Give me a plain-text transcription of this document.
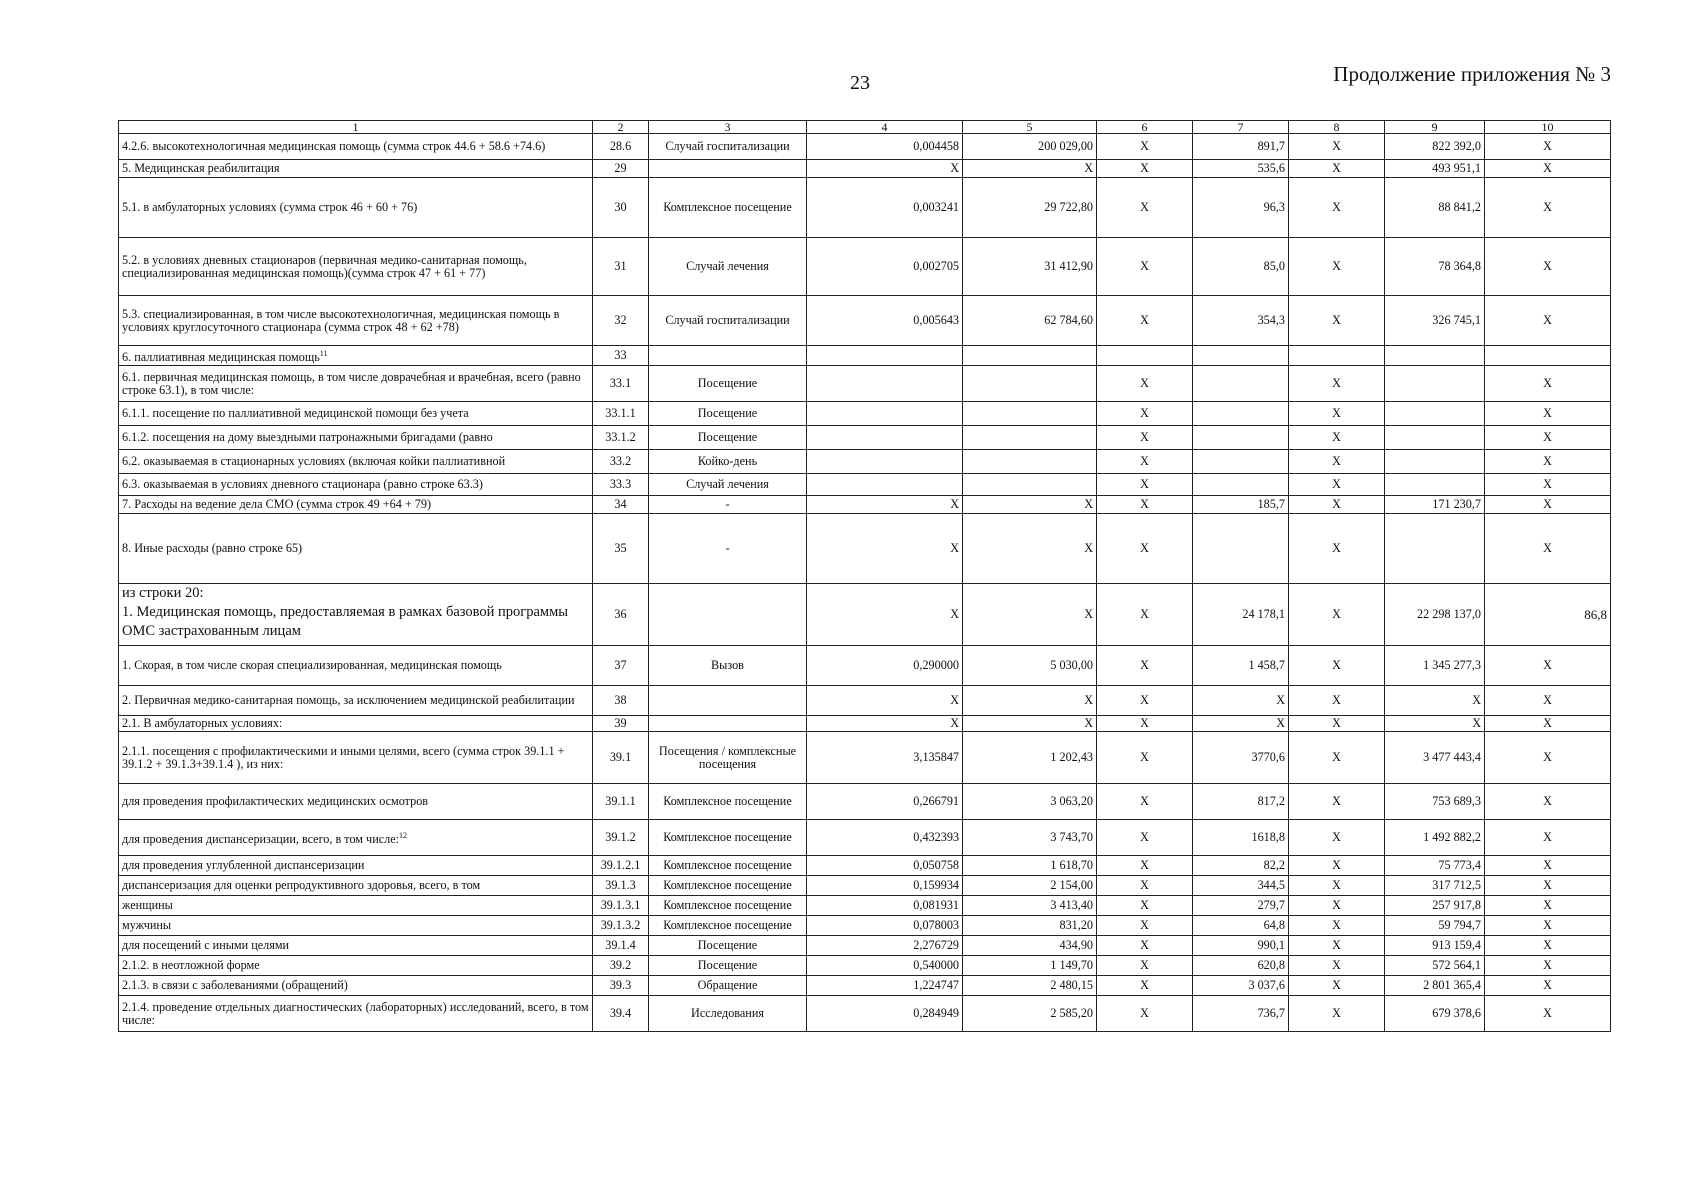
23	Продолжение приложения № 3
1	2	3	4	5	6	7	8	9	10
4.2.6. высокотехнологичная медицинская помощь (сумма строк 44.6 + 58.6 +74.6)	28.6	Случай госпитализации	0,004458	200 029,00	Х	891,7	Х	822 392,0	Х
5. Медицинская реабилитация	29		Х	Х	Х	535,6	Х	493 951,1	Х
5.1. в амбулаторных условиях (сумма строк 46 + 60 + 76)	30	Комплексное посещение	0,003241	29 722,80	Х	96,3	Х	88 841,2	Х
5.2. в условиях дневных стационаров (первичная медико-санитарная помощь, специализированная медицинская помощь)(сумма строк 47 + 61 + 77)	31	Случай лечения	0,002705	31 412,90	Х	85,0	Х	78 364,8	Х
5.3. специализированная, в том числе высокотехнологичная, медицинская помощь в условиях круглосуточного стационара (сумма строк 48 + 62 +78)	32	Случай госпитализации	0,005643	62 784,60	Х	354,3	Х	326 745,1	Х
6. паллиативная медицинская помощь$^{11}$	33								
6.1. первичная медицинская помощь, в том числе доврачебная и врачебная, всего (равно строке 63.1), в том числе:	33.1	Посещение			Х		Х		Х
6.1.1. посещение по паллиативной медицинской помощи без учета	33.1.1	Посещение			Х		Х		Х
6.1.2. посещения на дому выездными патронажными бригадами (равно	33.1.2	Посещение			Х		Х		Х
6.2. оказываемая в стационарных условиях (включая койки паллиативной	33.2	Койко-день			Х		Х		Х
6.3. оказываемая в условиях дневного стационара (равно строке 63.3)	33.3	Случай лечения			Х		Х		Х
7. Расходы на ведение дела СМО (сумма строк 49 +64 + 79)	34	-	Х	Х	Х	185,7	Х	171 230,7	Х
8. Иные расходы (равно строке 65)	35	-	Х	Х	Х		Х		Х
из строки 20:
1. Медицинская помощь, предоставляемая в рамках базовой программы ОМС застрахованным лицам	36		Х	Х	Х	24 178,1	Х	22 298 137,0	86,8
1. Скорая, в том числе скорая специализированная, медицинская помощь	37	Вызов	0,290000	5 030,00	Х	1 458,7	Х	1 345 277,3	Х
2. Первичная медико-санитарная помощь, за исключением медицинской реабилитации	38		Х	Х	Х	Х	Х	Х	Х
2.1. В амбулаторных условиях:	39		Х	Х	Х	Х	Х	Х	Х
2.1.1. посещения с профилактическими и иными целями, всего (сумма строк 39.1.1 + 39.1.2 + 39.1.3+39.1.4 ), из них:	39.1	Посещения / комплексные посещения	3,135847	1 202,43	Х	3770,6	Х	3 477 443,4	Х
для проведения профилактических медицинских осмотров	39.1.1	Комплексное посещение	0,266791	3 063,20	Х	817,2	Х	753 689,3	Х
для проведения диспансеризации, всего, в том числе:$^{12}$	39.1.2	Комплексное посещение	0,432393	3 743,70	Х	1618,8	Х	1 492 882,2	Х
для проведения углубленной диспансеризации	39.1.2.1	Комплексное посещение	0,050758	1 618,70	Х	82,2	Х	75 773,4	Х
диспансеризация для оценки репродуктивного здоровья, всего, в том	39.1.3	Комплексное посещение	0,159934	2 154,00	Х	344,5	Х	317 712,5	Х
женщины	39.1.3.1	Комплексное посещение	0,081931	3 413,40	Х	279,7	Х	257 917,8	Х
мужчины	39.1.3.2	Комплексное посещение	0,078003	831,20	Х	64,8	Х	59 794,7	Х
для посещений с иными целями	39.1.4	Посещение	2,276729	434,90	Х	990,1	Х	913 159,4	Х
2.1.2. в неотложной форме	39.2	Посещение	0,540000	1 149,70	Х	620,8	Х	572 564,1	Х
2.1.3. в связи с заболеваниями (обращений)	39.3	Обращение	1,224747	2 480,15	Х	3 037,6	Х	2 801 365,4	Х
2.1.4. проведение отдельных диагностических (лабораторных) исследований, всего, в том числе:	39.4	Исследования	0,284949	2 585,20	Х	736,7	Х	679 378,6	Х
